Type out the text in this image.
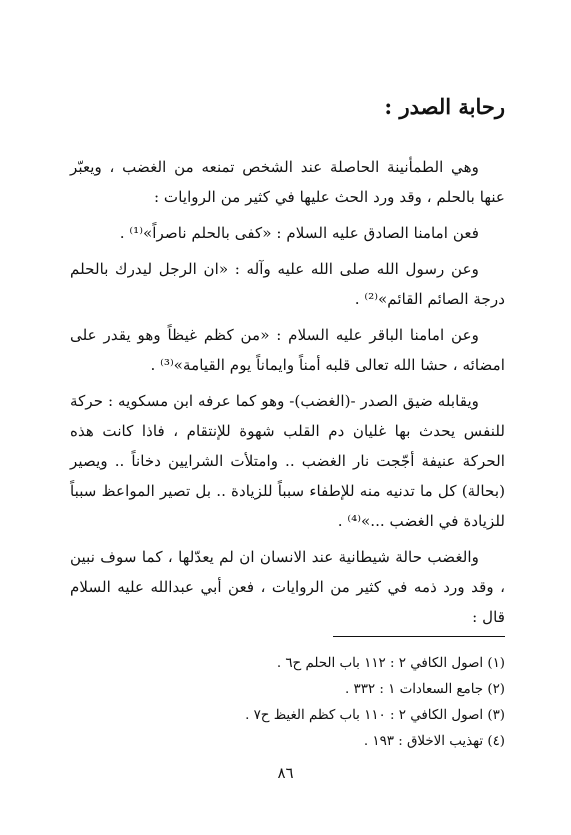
رحابة الصدر :

وهي الطمأنينة الحاصلة عند الشخص تمنعه من الغضب ، ويعبّر عنها بالحلم ، وقد ورد الحث عليها في كثير من الروايات :

فعن امامنا الصادق عليه السلام : «كفى بالحلم ناصراً»⁽¹⁾ .

وعن رسول الله صلى الله عليه وآله : «ان الرجل ليدرك بالحلم درجة الصائم القائم»⁽²⁾ .

وعن امامنا الباقر عليه السلام : «من كظم غيظاً وهو يقدر على امضائه ، حشا الله تعالى قلبه أمناً وايماناً يوم القيامة»⁽³⁾ .

ويقابله ضيق الصدر -(الغضب)- وهو كما عرفه ابن مسكويه : حركة للنفس يحدث بها غليان دم القلب شهوة للإنتقام ، فاذا كانت هذه الحركة عنيفة أجّجت نار الغضب .. وامتلأت الشرايين دخاناً .. ويصير (بحالة) كل ما تدنيه منه للإطفاء سبباً للزيادة .. بل تصير المواعظ سبباً للزيادة في الغضب ...»⁽⁴⁾ .

والغضب حالة شيطانية عند الانسان ان لم يعدّلها ، كما سوف نبين ، وقد ورد ذمه في كثير من الروايات ، فعن أبي عبدالله عليه السلام قال :

(١) اصول الكافي ٢ : ١١٢ باب الحلم ح٦ .
(٢) جامع السعادات ١ : ٣٣٢ .
(٣) اصول الكافي ٢ : ١١٠ باب كظم الغيظ ح٧ .
(٤) تهذيب الاخلاق : ١٩٣ .
٨٦
